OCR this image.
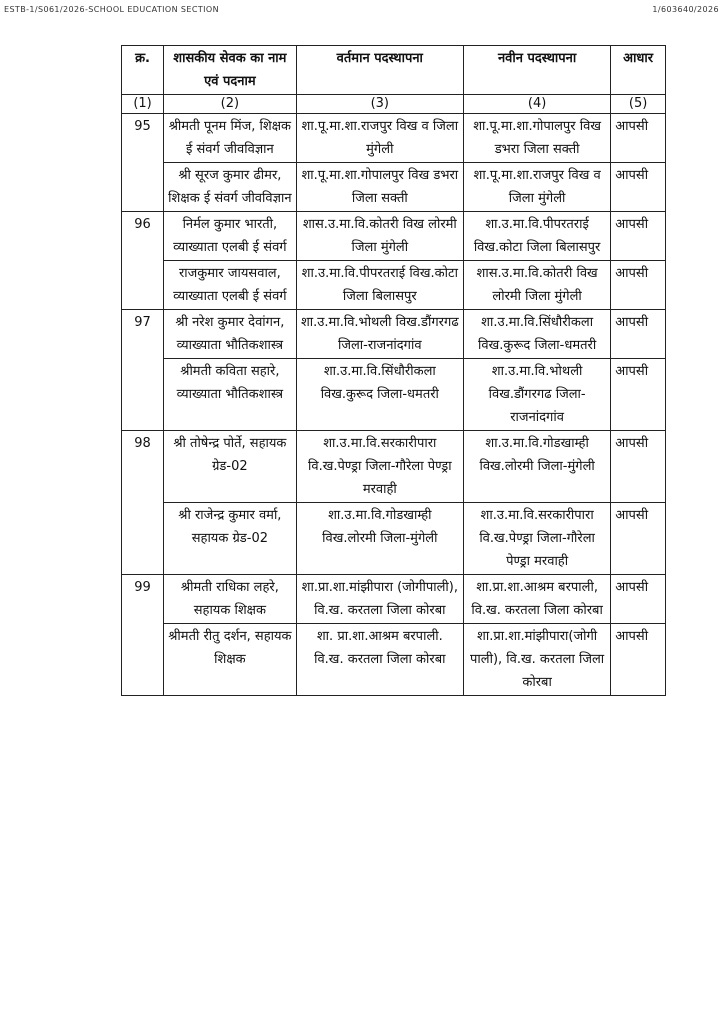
ESTB-1/S061/2026-SCHOOL EDUCATION SECTION	1/603640/2026
क्र.	शासकीय सेवक का नाम एवं पदनाम	वर्तमान पदस्थापना	नवीन पदस्थापना	आधार
(1)	(2)	(3)	(4)	(5)
95	श्रीमती पूनम मिंज, शिक्षक ई संवर्ग जीवविज्ञान	शा.पू.मा.शा.राजपुर विख व जिला मुंगेली	शा.पू.मा.शा.गोपालपुर विख डभरा जिला सक्ती	आपसी
	श्री सूरज कुमार ढीमर, शिक्षक ई संवर्ग जीवविज्ञान	शा.पू.मा.शा.गोपालपुर विख डभरा जिला सक्ती	शा.पू.मा.शा.राजपुर विख व जिला मुंगेली	आपसी
96	निर्मल कुमार भारती, व्याख्याता एलबी ई संवर्ग	शास.उ.मा.वि.कोतरी विख लोरमी जिला मुंगेली	शा.उ.मा.वि.पीपरतराई विख.कोटा जिला बिलासपुर	आपसी
	राजकुमार जायसवाल, व्याख्याता एलबी ई संवर्ग	शा.उ.मा.वि.पीपरतराई विख.कोटा जिला बिलासपुर	शास.उ.मा.वि.कोतरी विख लोरमी जिला मुंगेली	आपसी
97	श्री नरेश कुमार देवांगन, व्याख्याता भौतिकशास्त्र	शा.उ.मा.वि.भोथली विख.डौंगरगढ जिला-राजनांदगांव	शा.उ.मा.वि.सिंधौरीकला विख.कुरूद जिला-धमतरी	आपसी
	श्रीमती कविता सहारे, व्याख्याता भौतिकशास्त्र	शा.उ.मा.वि.सिंधौरीकला विख.कुरूद जिला-धमतरी	शा.उ.मा.वि.भोथली विख.डौंगरगढ जिला-राजनांदगांव	आपसी
98	श्री तोषेन्द्र पोर्ते, सहायक ग्रेड-02	शा.उ.मा.वि.सरकारीपारा वि.ख.पेण्ड्रा जिला-गौरेला पेण्ड्रा मरवाही	शा.उ.मा.वि.गोडखाम्ही विख.लोरमी जिला-मुंगेली	आपसी
	श्री राजेन्द्र कुमार वर्मा, सहायक ग्रेड-02	शा.उ.मा.वि.गोडखाम्ही विख.लोरमी जिला-मुंगेली	शा.उ.मा.वि.सरकारीपारा वि.ख.पेण्ड्रा जिला-गौरेला पेण्ड्रा मरवाही	आपसी
99	श्रीमती राधिका लहरे, सहायक शिक्षक	शा.प्रा.शा.मांझीपारा (जोगीपाली), वि.ख. करतला जिला कोरबा	शा.प्रा.शा.आश्रम बरपाली, वि.ख. करतला जिला कोरबा	आपसी
	श्रीमती रीतु दर्शन, सहायक शिक्षक	शा. प्रा.शा.आश्रम बरपाली. वि.ख. करतला जिला कोरबा	शा.प्रा.शा.मांझीपारा(जोगी पाली), वि.ख. करतला जिला कोरबा	आपसी
